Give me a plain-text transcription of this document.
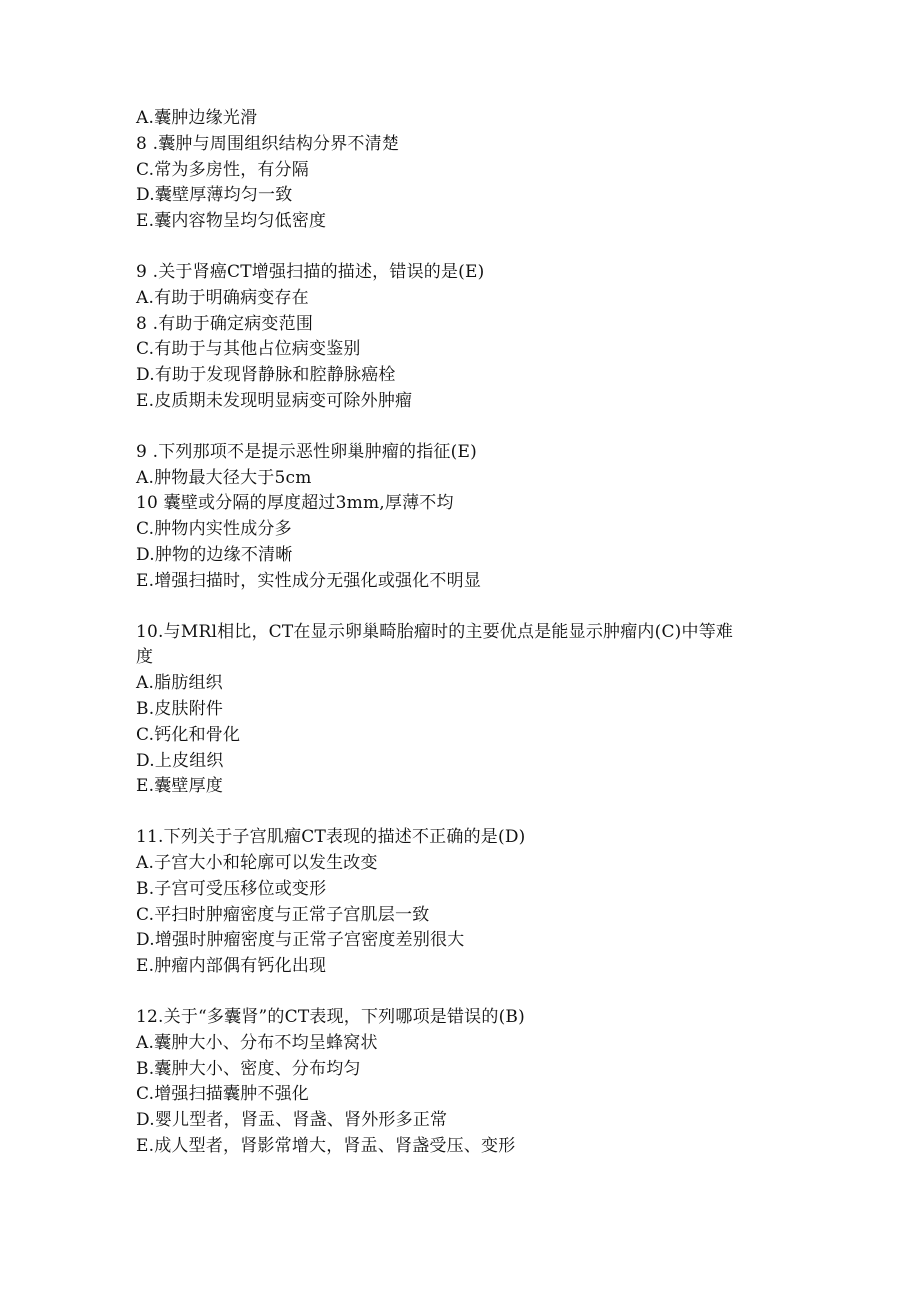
A.囊肿边缘光滑
8 .囊肿与周围组织结构分界不清楚
C.常为多房性，有分隔
D.囊壁厚薄均匀一致
E.囊内容物呈均匀低密度
9 .关于肾癌CT增强扫描的描述，错误的是(E)
A.有助于明确病变存在
8 .有助于确定病变范围
C.有助于与其他占位病变鉴别
D.有助于发现肾静脉和腔静脉癌栓
E.皮质期未发现明显病变可除外肿瘤
9 .下列那项不是提示恶性卵巢肿瘤的指征(E)
A.肿物最大径大于5cm
10 囊壁或分隔的厚度超过3mm,厚薄不均
C.肿物内实性成分多
D.肿物的边缘不清晰
E.增强扫描时，实性成分无强化或强化不明显
10.与MRl相比，CT在显示卵巢畸胎瘤时的主要优点是能显示肿瘤内(C)中等难
度
A.脂肪组织
B.皮肤附件
C.钙化和骨化
D.上皮组织
E.囊壁厚度
11.下列关于子宫肌瘤CT表现的描述不正确的是(D)
A.子宫大小和轮廓可以发生改变
B.子宫可受压移位或变形
C.平扫时肿瘤密度与正常子宫肌层一致
D.增强时肿瘤密度与正常子宫密度差别很大
E.肿瘤内部偶有钙化出现
12.关于“多囊肾”的CT表现，下列哪项是错误的(B)
A.囊肿大小、分布不均呈蜂窝状
B.囊肿大小、密度、分布均匀
C.增强扫描囊肿不强化
D.婴儿型者，肾盂、肾盏、肾外形多正常
E.成人型者，肾影常增大，肾盂、肾盏受压、变形
